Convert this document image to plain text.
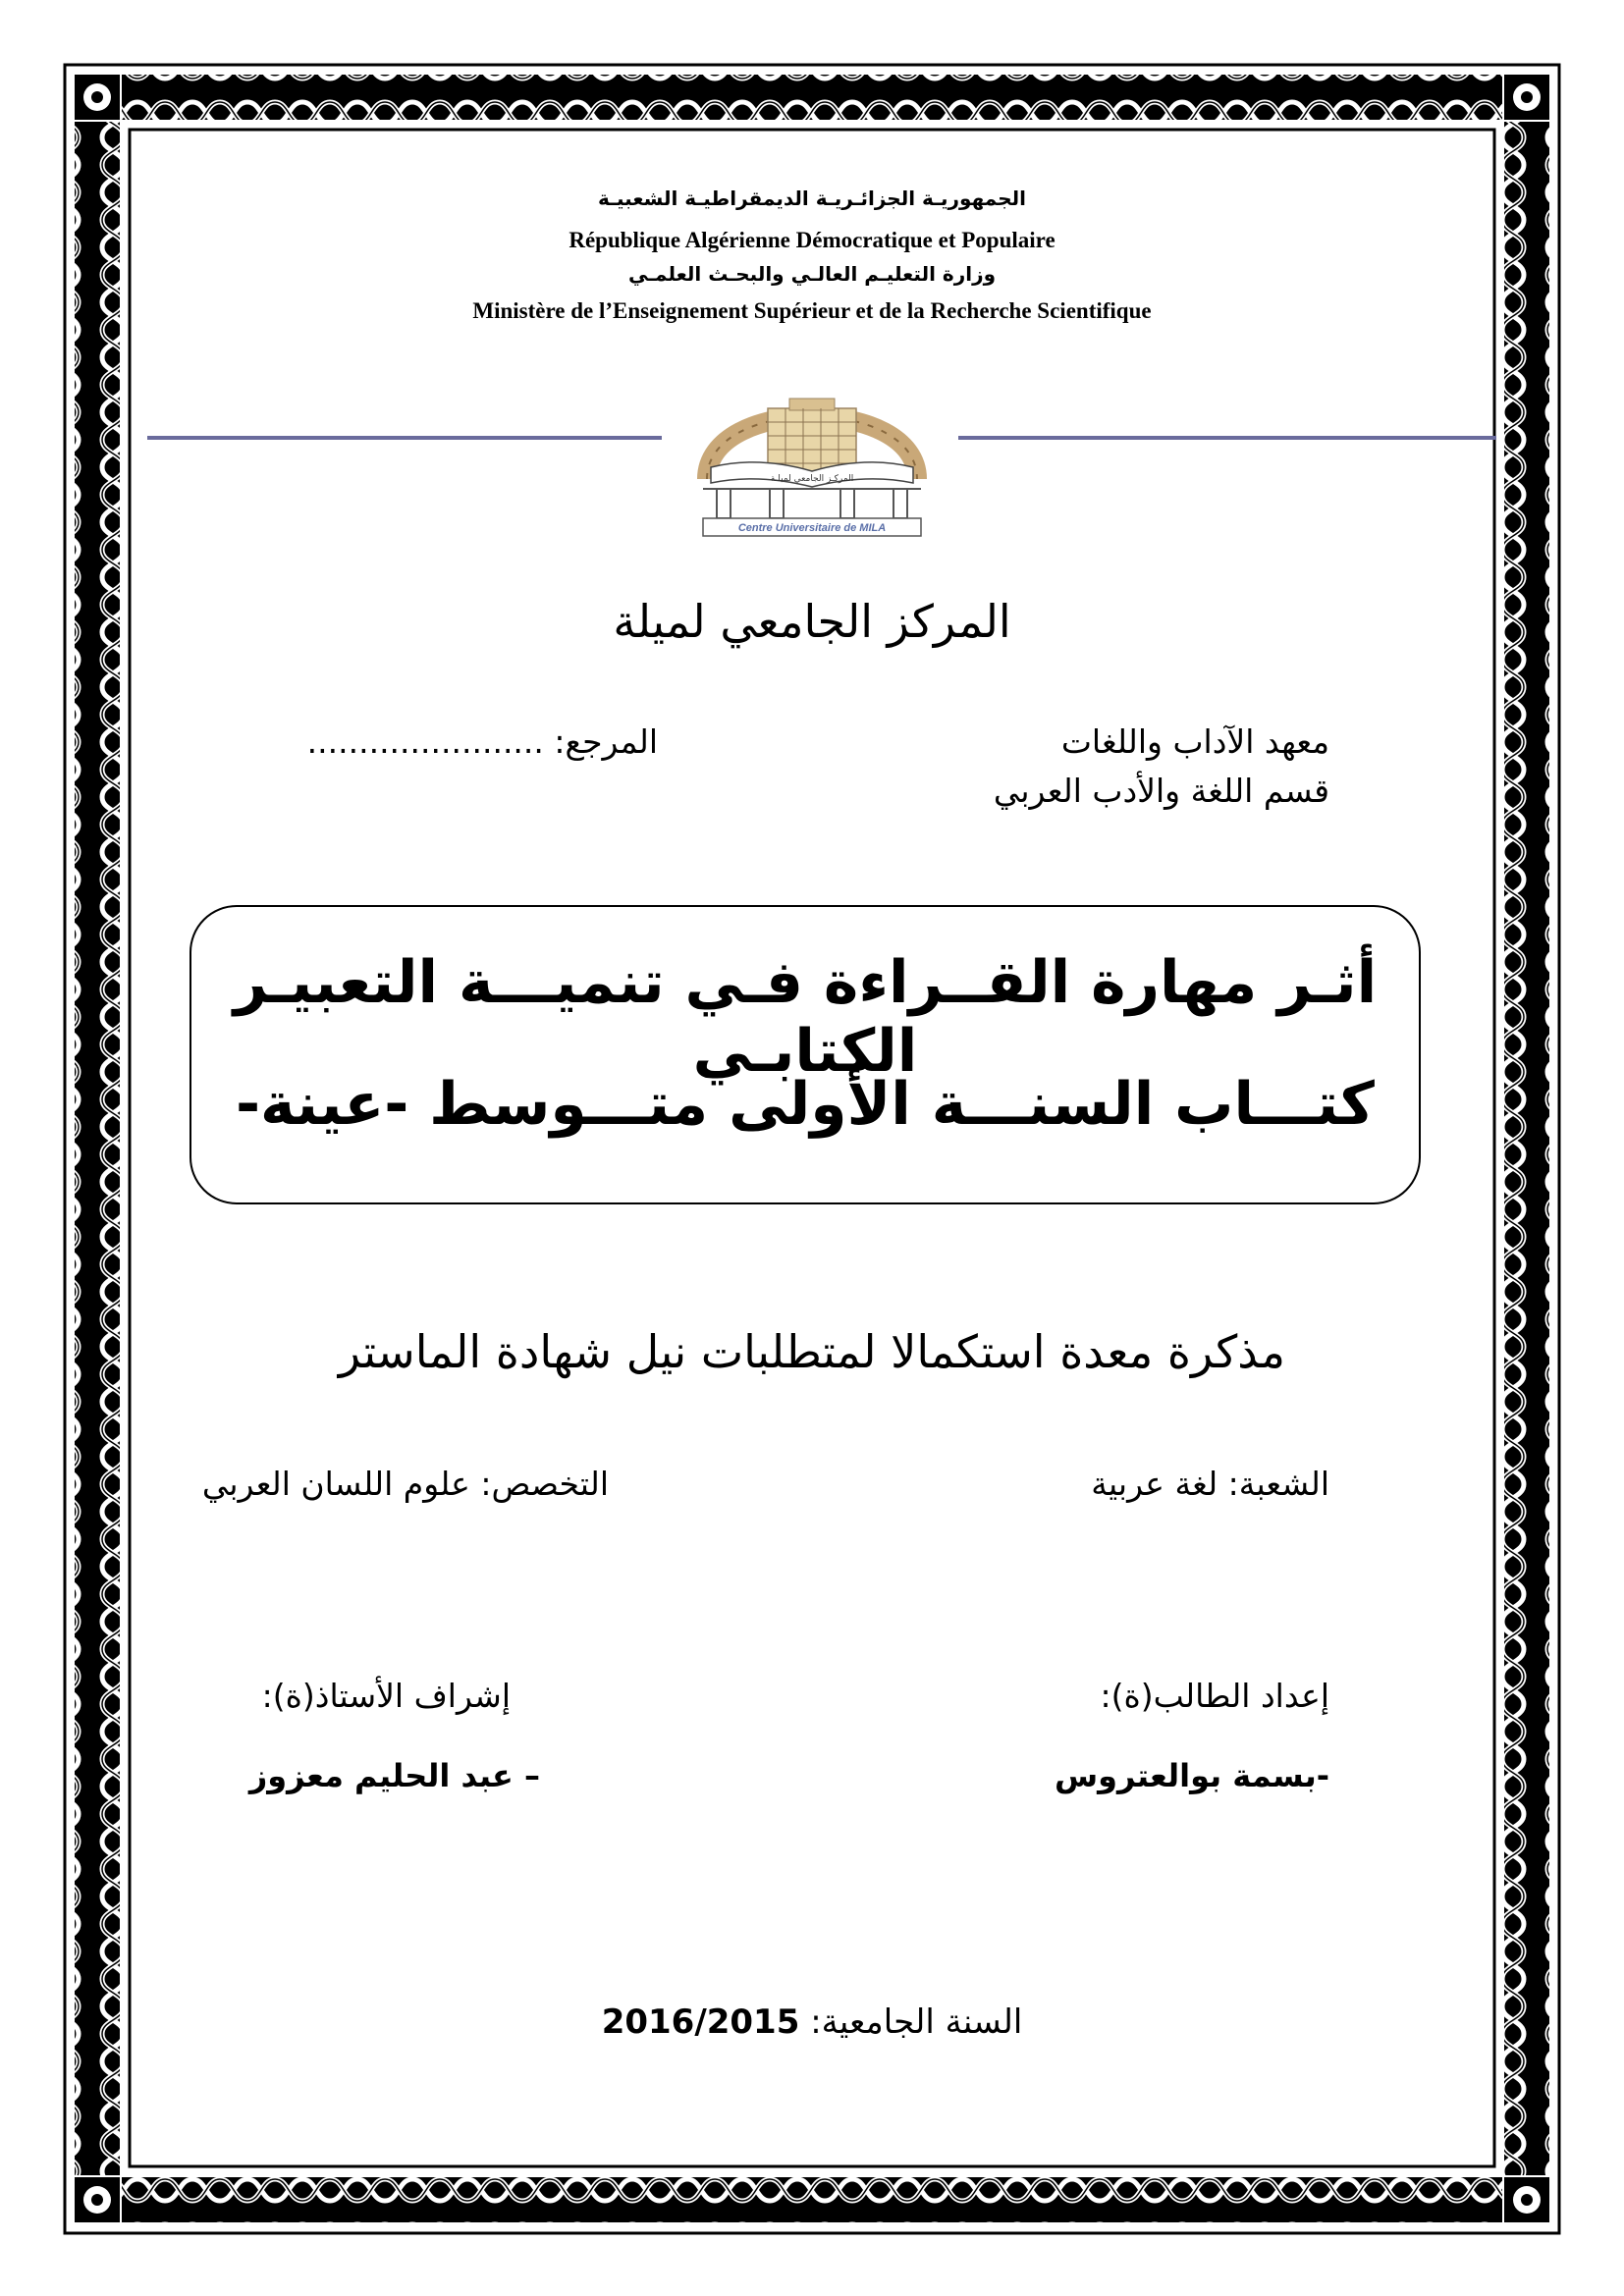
الجمهوريـة الجزائـريـة الديمقراطيـة الشعبيـة
République Algérienne Démocratique et Populaire
وزارة التعليـم العالـي والبحـث العلمـي
Ministère de l’Enseignement Supérieur et de la Recherche Scientifique
المركـز الجامعي لميلـة
Centre Universitaire de MILA
المركز الجامعي لميلة
معهد الآداب واللغات
قسم اللغة والأدب العربي
المرجع: .......................
أثـر مهارة القــراءة فـي تنميـــة التعبيـر الكتابـي
كتـــاب السنـــة الأولى متـــوسط -عينة-
مذكرة معدة استكمالا لمتطلبات نيل شهادة الماستر
الشعبة: لغة عربية
التخصص: علوم اللسان العربي
إعداد الطالب(ة):
إشراف الأستاذ(ة):
-بسمة بوالعتروس
– عبد الحليم معزوز
السنة الجامعية: 2016/2015
